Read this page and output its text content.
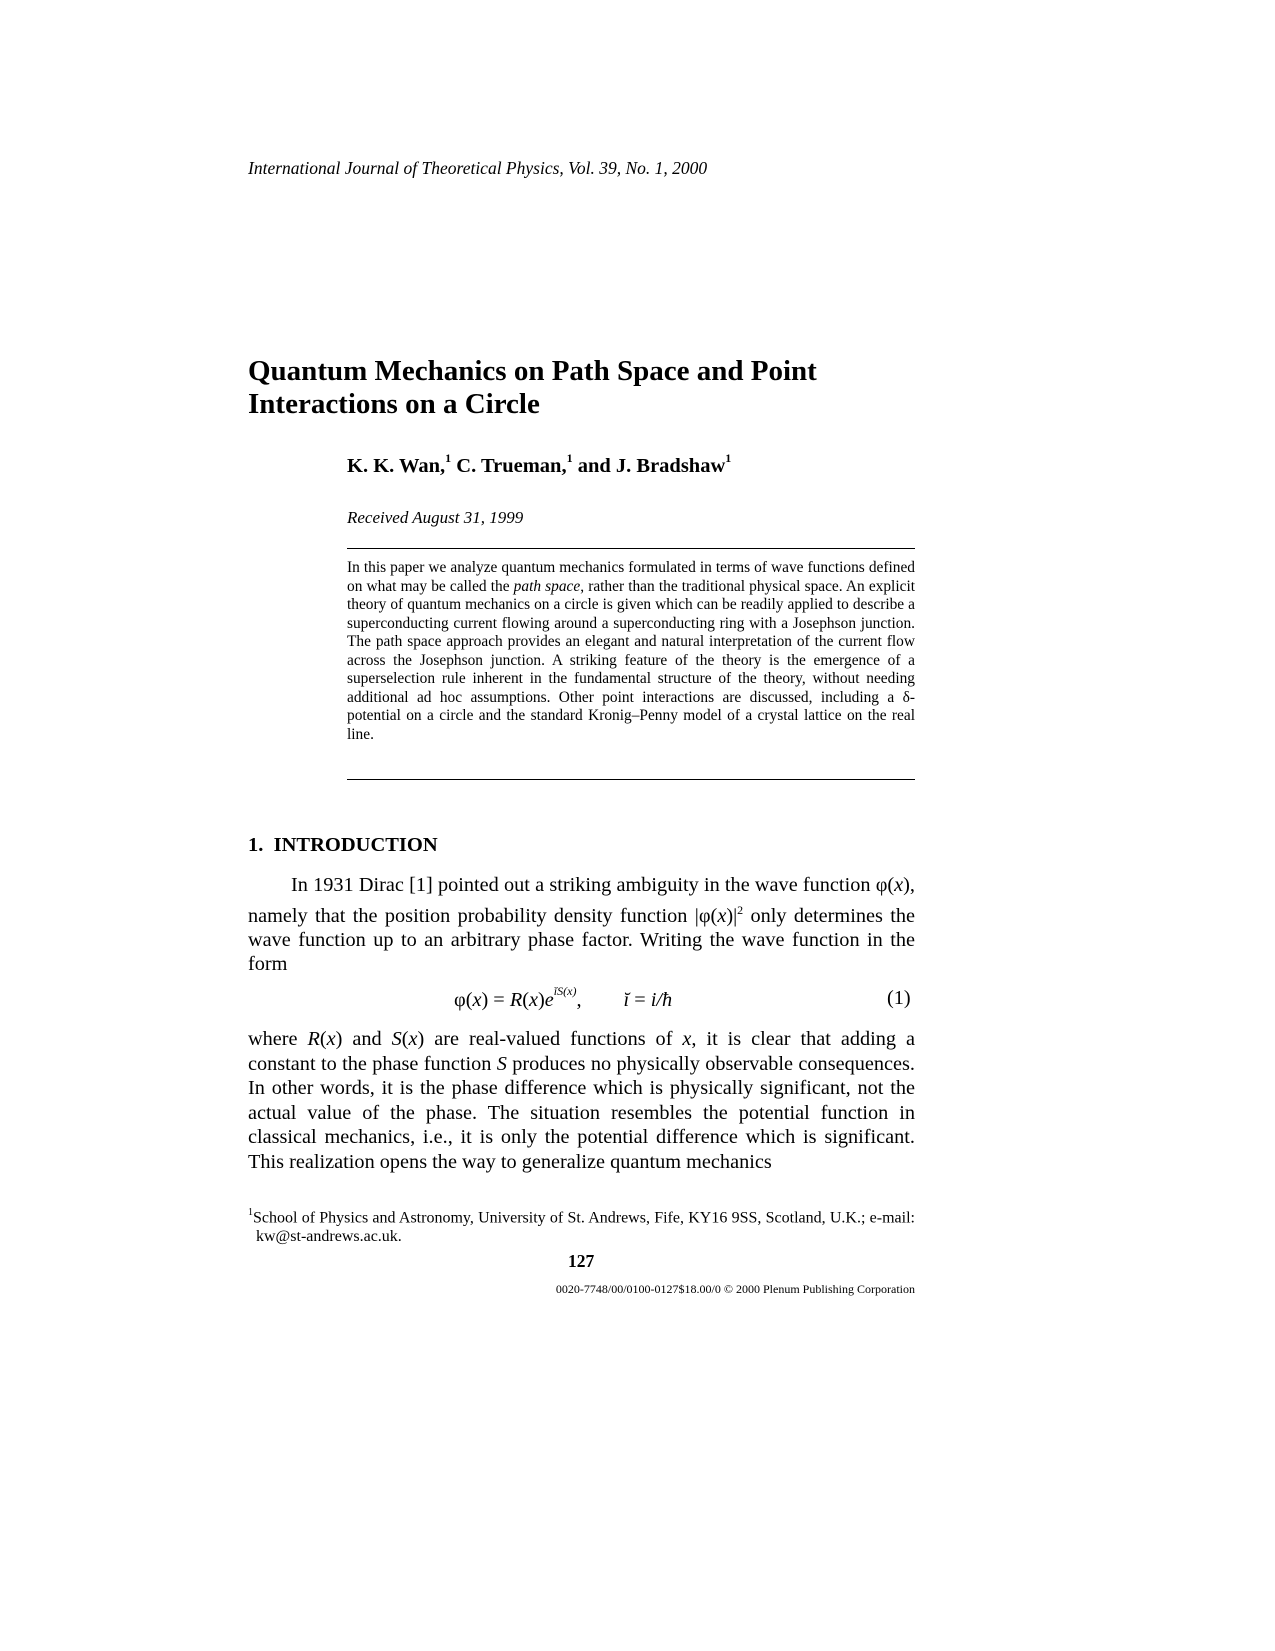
International Journal of Theoretical Physics, Vol. 39, No. 1, 2000
Quantum Mechanics on Path Space and Point
Interactions on a Circle
K. K. Wan,$^1$ C. Trueman,$^1$ and J. Bradshaw$^1$
Received August 31, 1999

In this paper we analyze quantum mechanics formulated in terms of wave functions defined on what may be called the path space, rather than the traditional physical space. An explicit theory of quantum mechanics on a circle is given which can be readily applied to describe a superconducting current flowing around a superconducting ring with a Josephson junction. The path space approach provides an elegant and natural interpretation of the current flow across the Josephson junction. A striking feature of the theory is the emergence of a superselection rule inherent in the fundamental structure of the theory, without needing additional ad hoc assumptions. Other point interactions are discussed, including a δ-potential on a circle and the standard Kronig–Penny model of a crystal lattice on the real line.

1. INTRODUCTION

In 1931 Dirac [1] pointed out a striking ambiguity in the wave function φ(x), namely that the position probability density function $|\varphi(x)|^2$ only determines the wave function up to an arbitrary phase factor. Writing the wave function in the form

$\varphi(x) = R(x)e^{ĭS(x)}$, ĭ = i/ħ	(1)

where R(x) and S(x) are real-valued functions of x, it is clear that adding a constant to the phase function S produces no physically observable consequences. In other words, it is the phase difference which is physically significant, not the actual value of the phase. The situation resembles the potential function in classical mechanics, i.e., it is only the potential difference which is significant. This realization opens the way to generalize quantum mechanics

$^1$School of Physics and Astronomy, University of St. Andrews, Fife, KY16 9SS, Scotland, U.K.; e-mail: kw@st-andrews.ac.uk.

127
0020-7748/00/0100-0127$18.00/0 © 2000 Plenum Publishing Corporation
